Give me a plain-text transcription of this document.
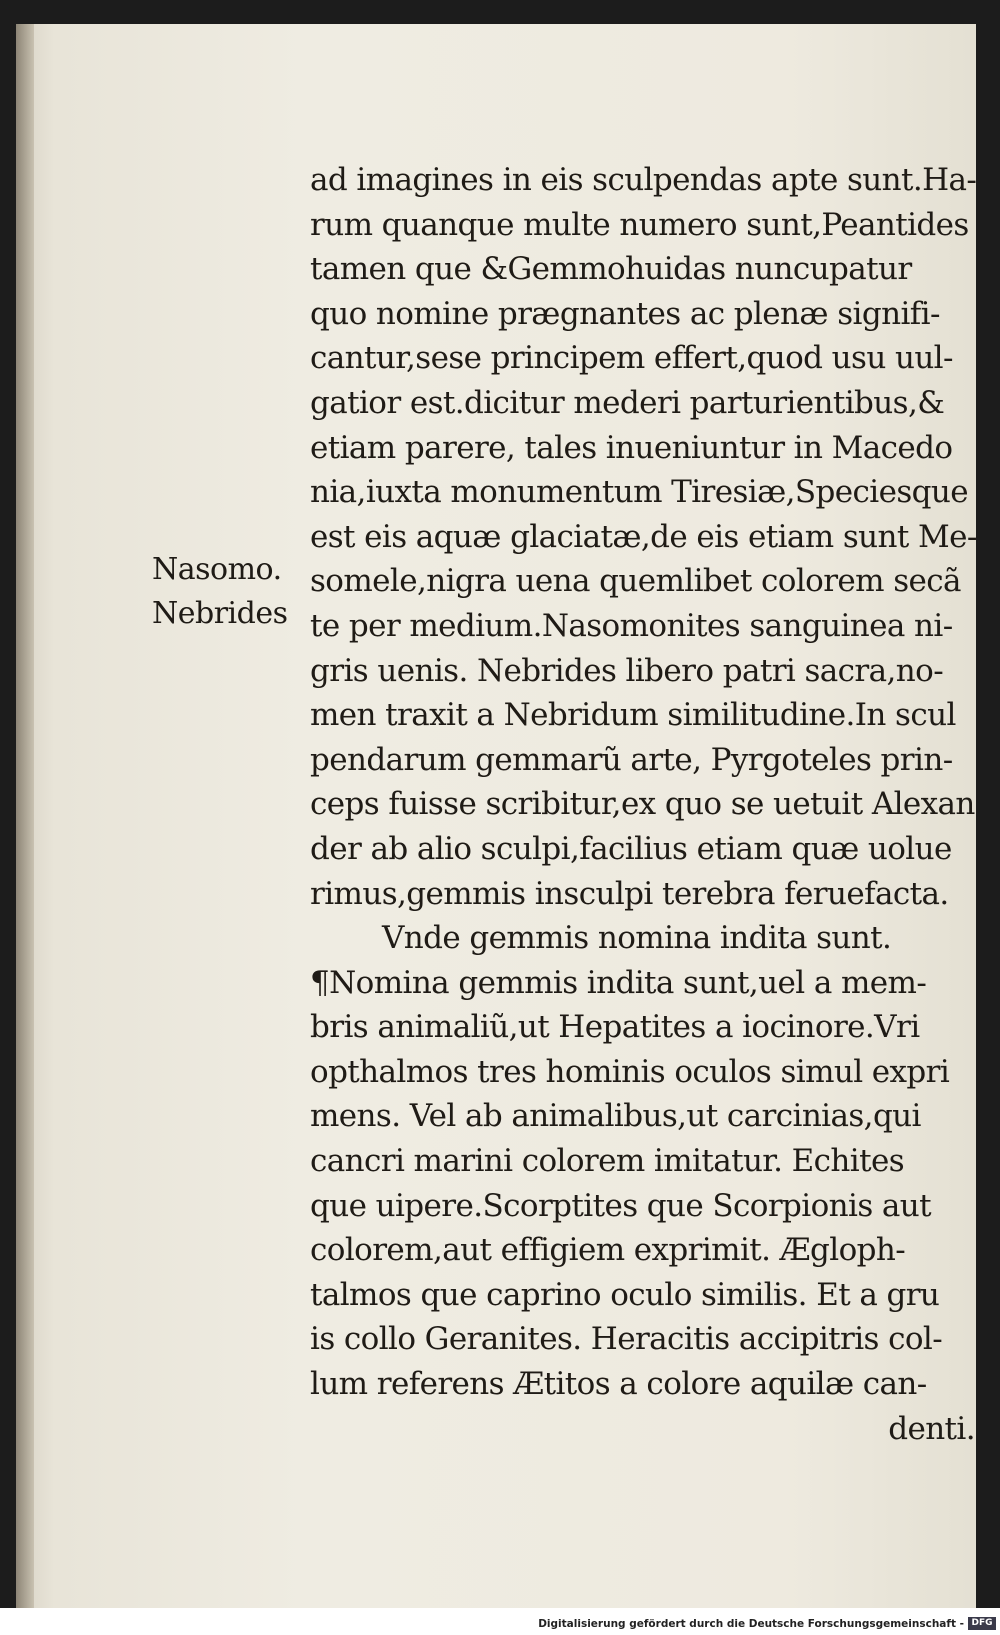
Nasomo.
Nebrides
ad imagines in eis sculpendas apte sunt.Ha-
rum quanque multe numero sunt,Peantides
tamen que &Gemmohuidas nuncupatur
quo nomine prægnantes ac plenæ signifi-
cantur,sese principem effert,quod usu uul-
gatior est.dicitur mederi parturientibus,&
etiam parere, tales inueniuntur in Macedo
nia,iuxta monumentum Tiresiæ,Speciesque
est eis aquæ glaciatæ,de eis etiam sunt Me-
somele,nigra uena quemlibet colorem secã
te per medium.Nasomonites sanguinea ni-
gris uenis. Nebrides libero patri sacra,no-
men traxit a Nebridum similitudine.In scul
pendarum gemmarũ arte, Pyrgoteles prin-
ceps fuisse scribitur,ex quo se uetuit Alexan
der ab alio sculpi,facilius etiam quæ uolue
rimus,gemmis insculpi terebra feruefacta.
Vnde gemmis nomina indita sunt.
¶Nomina gemmis indita sunt,uel a mem-
bris animaliũ,ut Hepatites a iocinore.Vri
opthalmos tres hominis oculos simul expri
mens. Vel ab animalibus,ut carcinias,qui
cancri marini colorem imitatur. Echites
que uipere.Scorptites que Scorpionis aut
colorem,aut effigiem exprimit. Ægloph-
talmos que caprino oculo similis. Et a gru
is collo Geranites. Heracitis accipitris col-
lum referens Ætitos a colore aquilæ can-
denti.
Digitalisierung gefördert durch die Deutsche Forschungsgemeinschaft - DFG
